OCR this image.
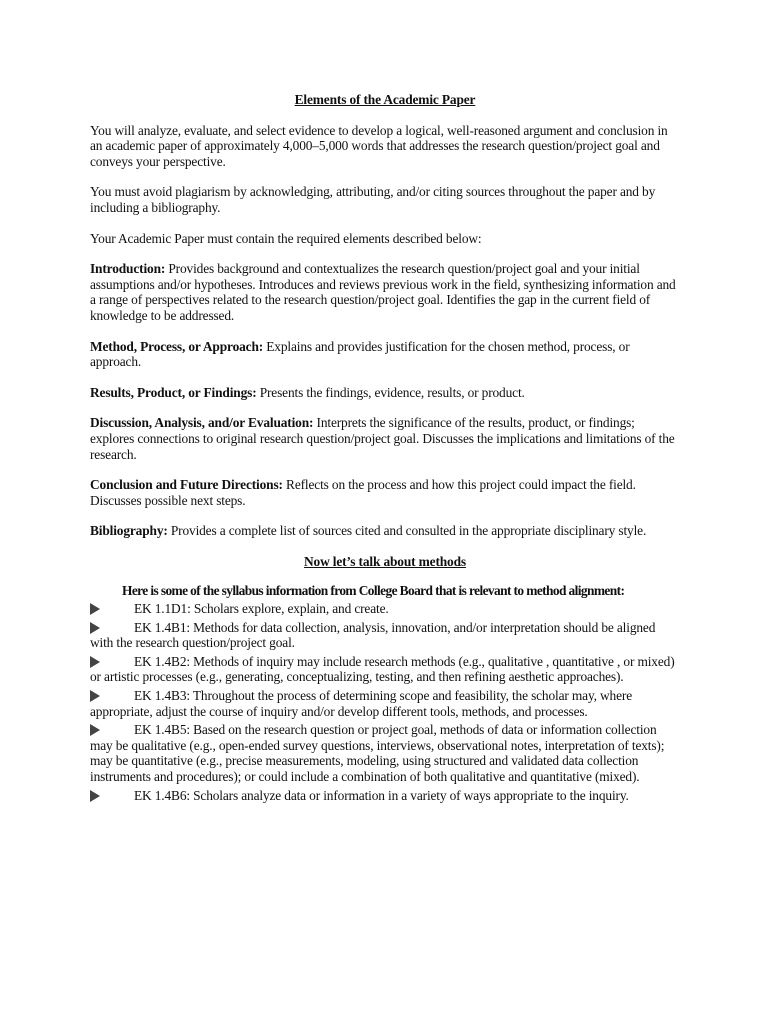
Elements of the Academic Paper

You will analyze, evaluate, and select evidence to develop a logical, well-reasoned argument and conclusion in an academic paper of approximately 4,000–5,000 words that addresses the research question/project goal and conveys your perspective.

You must avoid plagiarism by acknowledging, attributing, and/or citing sources throughout the paper and by including a bibliography.

Your Academic Paper must contain the required elements described below:

Introduction: Provides background and contextualizes the research question/project goal and your initial assumptions and/or hypotheses. Introduces and reviews previous work in the field, synthesizing information and a range of perspectives related to the research question/project goal. Identifies the gap in the current field of knowledge to be addressed.

Method, Process, or Approach: Explains and provides justification for the chosen method, process, or approach.

Results, Product, or Findings: Presents the findings, evidence, results, or product.

Discussion, Analysis, and/or Evaluation: Interprets the significance of the results, product, or findings; explores connections to original research question/project goal. Discusses the implications and limitations of the research.

Conclusion and Future Directions: Reflects on the process and how this project could impact the field. Discusses possible next steps.

Bibliography: Provides a complete list of sources cited and consulted in the appropriate disciplinary style.

Now let’s talk about methods
Here is some of the syllabus information from College Board that is relevant to method alignment:
EK 1.1D1: Scholars explore, explain, and create.
EK 1.4B1: Methods for data collection, analysis, innovation, and/or interpretation should be aligned with the research question/project goal.
EK 1.4B2: Methods of inquiry may include research methods (e.g., qualitative , quantitative , or mixed) or artistic processes (e.g., generating, conceptualizing, testing, and then refining aesthetic approaches).
EK 1.4B3: Throughout the process of determining scope and feasibility, the scholar may, where appropriate, adjust the course of inquiry and/or develop different tools, methods, and processes.
EK 1.4B5: Based on the research question or project goal, methods of data or information collection may be qualitative (e.g., open-ended survey questions, interviews, observational notes, interpretation of texts); may be quantitative (e.g., precise measurements, modeling, using structured and validated data collection instruments and procedures); or could include a combination of both qualitative and quantitative (mixed).
EK 1.4B6: Scholars analyze data or information in a variety of ways appropriate to the inquiry.
